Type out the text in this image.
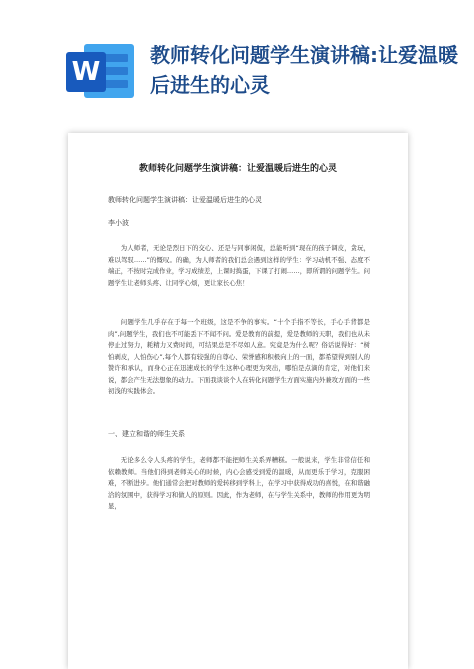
W
教师转化问题学生演讲稿:让爱温暖后进生的心灵
教师转化问题学生演讲稿：让爱温暖后进生的心灵
教师转化问题学生演讲稿：让爱温暖后进生的心灵
李小波
为人师者，无论是烈日下的交心、还是与同事闲侃，总能听到“现在的孩子调皮，贪玩，难以驾驭……”的慨叹。的确，为人师者的我们总会遇到这样的学生：学习动机不强、态度不端正，不按时完成作业，学习成绩差，上课时捣蛋，下课了打闹……，即所谓的问题学生。问题学生让老师头疼、让同学心烦，更让家长心焦！
问题学生几乎存在于每一个班级，这是不争的事实。“十个手指不等长，手心手背都是肉”,问题学生，我们也不可能丢下不闻不问。爱是教育的前提，爱是教师的天职，我们也从未停止过努力，耗精力又费时间，可结果总是不尽如人意。究竟是为什么呢？俗话说得好：“树怕剥皮，人怕伤心”,每个人都有较强的自尊心、荣誉感和积极向上的一面，都希望得到别人的赞许和承认，而身心正在迅速成长的学生这种心理更为突出，哪怕是点滴的肯定，对他们来说，都会产生无法想象的动力。下面我谈谈个人在转化问题学生方面实施内外兼攻方面的一些初浅的实践体会。
一、建立和谐的师生关系
无论多么令人头疼的学生，老师都不能把师生关系弄糟糕。一般说来，学生非常信任和依赖教师。当他们得到老师关心的时候，内心会感受到爱的温暖，从而更乐于学习，克服困难，不断进步。他们通常会把对教师的爱转移到学科上，在学习中获得成功的喜悦，在和谐融洽的氛围中，获得学习和做人的原则。因此，作为老师，在与学生关系中，教师的作用更为明显，
